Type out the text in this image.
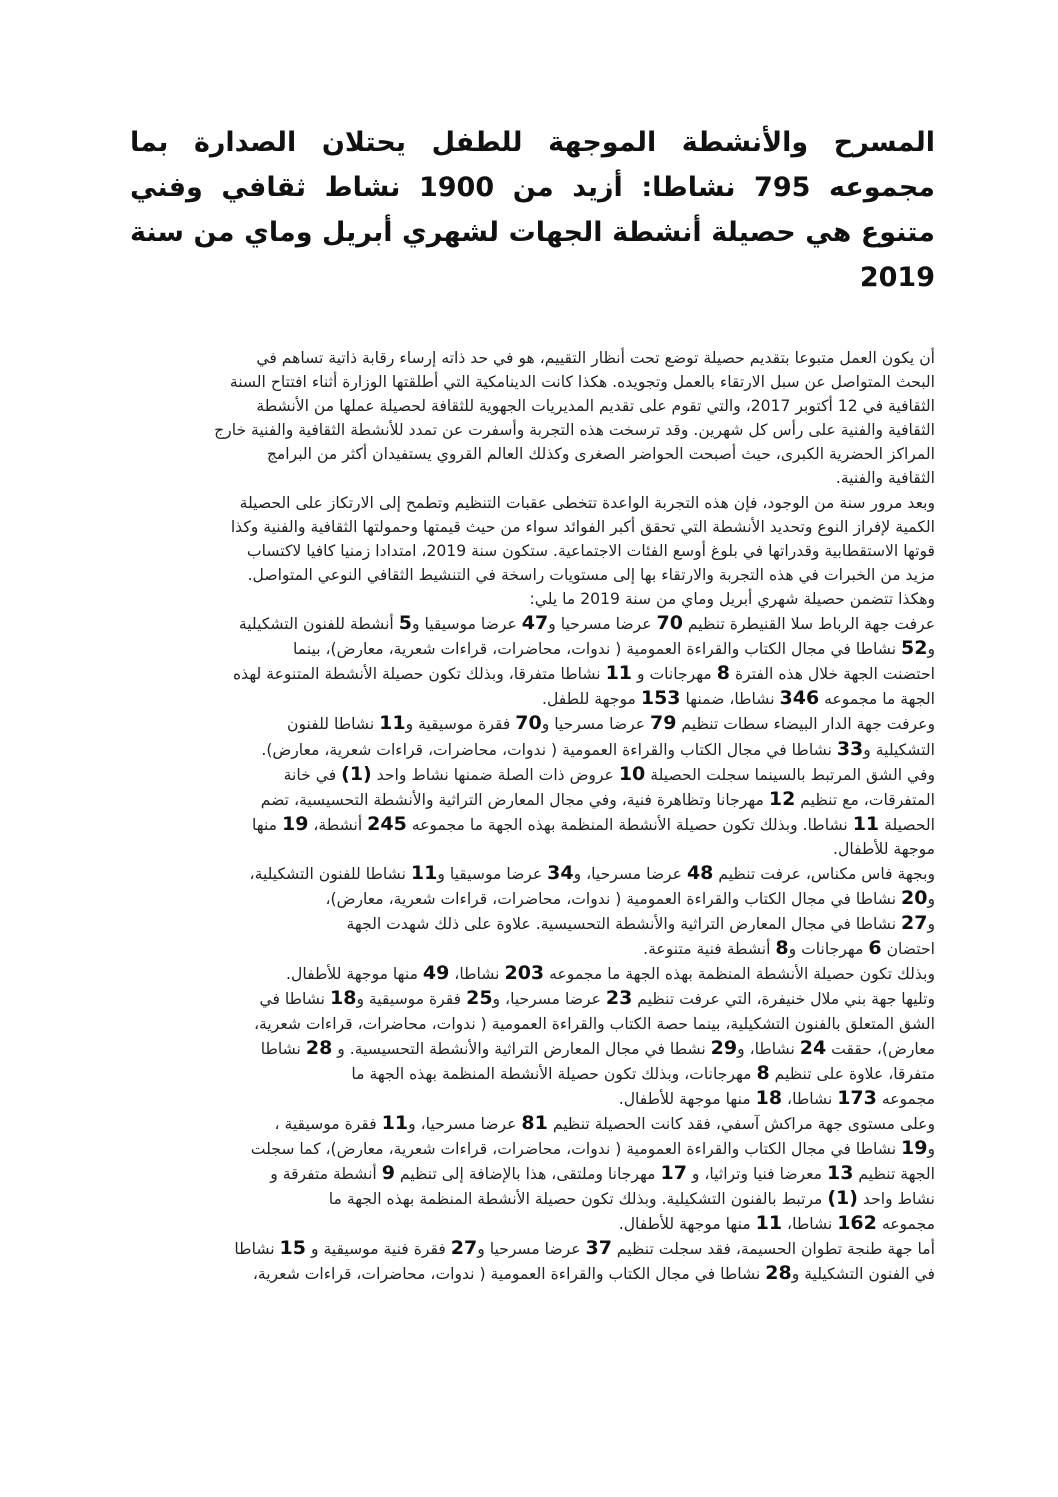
المسرح والأنشطة الموجهة للطفل يحتلان الصدارة بما مجموعه 795 نشاطا: أزيد من 1900 نشاط ثقافي وفني متنوع هي حصيلة أنشطة الجهات لشهري أبريل وماي من سنة 2019
أن يكون العمل متبوعا بتقديم حصيلة توضع تحت أنظار التقييم، هو في حد ذاته إرساء رقابة ذاتية تساهم في
البحث المتواصل عن سبل الارتقاء بالعمل وتجويده. هكذا كانت الدينامكية التي أطلقتها الوزارة أثناء افتتاح السنة
الثقافية في 12 أكتوبر 2017، والتي تقوم على تقديم المديريات الجهوية للثقافة لحصيلة عملها من الأنشطة
الثقافية والفنية على رأس كل شهرين. وقد ترسخت هذه التجربة وأسفرت عن تمدد للأنشطة الثقافية والفنية خارج
المراكز الحضرية الكبرى، حيث أصبحت الحواضر الصغرى وكذلك العالم القروي يستفيدان أكثر من البرامج
الثقافية والفنية.
وبعد مرور سنة من الوجود، فإن هذه التجربة الواعدة تتخطى عقبات التنظيم وتطمح إلى الارتكاز على الحصيلة
الكمية لإفراز النوع وتحديد الأنشطة التي تحقق أكبر الفوائد سواء من حيث قيمتها وحمولتها الثقافية والفنية وكذا
قوتها الاستقطابية وقدراتها في بلوغ أوسع الفئات الاجتماعية. ستكون سنة 2019، امتدادا زمنيا كافيا لاكتساب
مزيد من الخبرات في هذه التجربة والارتقاء بها إلى مستويات راسخة في التنشيط الثقافي النوعي المتواصل.
وهكذا تتضمن حصيلة شهري أبريل وماي من سنة 2019 ما يلي:
عرفت جهة الرباط سلا القنيطرة تنظيم 70 عرضا مسرحيا و47 عرضا موسيقيا و5 أنشطة للفنون التشكيلية
و52 نشاطا في مجال الكتاب والقراءة العمومية ( ندوات، محاضرات، قراءات شعرية، معارض)، بينما
احتضنت الجهة خلال هذه الفترة 8 مهرجانات و 11 نشاطا متفرقا، وبذلك تكون حصيلة الأنشطة المتنوعة لهذه
الجهة ما مجموعه 346 نشاطا، ضمنها 153 موجهة للطفل.
وعرفت جهة الدار البيضاء سطات تنظيم 79 عرضا مسرحيا و70 فقرة موسيقية و11 نشاطا للفنون
التشكيلية و33 نشاطا في مجال الكتاب والقراءة العمومية ( ندوات، محاضرات، قراءات شعرية، معارض).
وفي الشق المرتبط بالسينما سجلت الحصيلة 10 عروض ذات الصلة ضمنها نشاط واحد (1) في خانة
المتفرقات، مع تنظيم 12 مهرجانا وتظاهرة فنية، وفي مجال المعارض التراثية والأنشطة التحسيسية، تضم
الحصيلة 11 نشاطا. وبذلك تكون حصيلة الأنشطة المنظمة بهذه الجهة ما مجموعه 245 أنشطة، 19 منها
موجهة للأطفال.
وبجهة فاس مكناس، عرفت تنظيم 48 عرضا مسرحيا، و34 عرضا موسيقيا و11 نشاطا للفنون التشكيلية،
و20 نشاطا في مجال الكتاب والقراءة العمومية ( ندوات، محاضرات، قراءات شعرية، معارض)،
و27 نشاطا في مجال المعارض التراثية والأنشطة التحسيسية. علاوة على ذلك شهدت الجهة
احتضان 6 مهرجانات و8 أنشطة فنية متنوعة.
وبذلك تكون حصيلة الأنشطة المنظمة بهذه الجهة ما مجموعه 203 نشاطا، 49 منها موجهة للأطفال.
وتليها جهة بني ملال خنيفرة، التي عرفت تنظيم 23 عرضا مسرحيا، و25 فقرة موسيقية و18 نشاطا في
الشق المتعلق بالفنون التشكيلية، بينما حصة الكتاب والقراءة العمومية ( ندوات، محاضرات، قراءات شعرية،
معارض)، حققت 24 نشاطا، و29 نشطا في مجال المعارض التراثية والأنشطة التحسيسية. و 28 نشاطا
متفرقا، علاوة على تنظيم 8 مهرجانات، وبذلك تكون حصيلة الأنشطة المنظمة بهذه الجهة ما
مجموعه 173 نشاطا، 18 منها موجهة للأطفال.
وعلى مستوى جهة مراكش آسفي، فقد كانت الحصيلة تنظيم 81 عرضا مسرحيا، و11 فقرة موسيقية ،
و19 نشاطا في مجال الكتاب والقراءة العمومية ( ندوات، محاضرات، قراءات شعرية، معارض)، كما سجلت
الجهة تنظيم 13 معرضا فنيا وتراثيا، و 17 مهرجانا وملتقى، هذا بالإضافة إلى تنظيم 9 أنشطة متفرقة و
نشاط واحد (1) مرتبط بالفنون التشكيلية. وبذلك تكون حصيلة الأنشطة المنظمة بهذه الجهة ما
مجموعه 162 نشاطا، 11 منها موجهة للأطفال.
أما جهة طنجة تطوان الحسيمة، فقد سجلت تنظيم 37 عرضا مسرحيا و27 فقرة فنية موسيقية و 15 نشاطا
في الفنون التشكيلية و28 نشاطا في مجال الكتاب والقراءة العمومية ( ندوات، محاضرات، قراءات شعرية،
